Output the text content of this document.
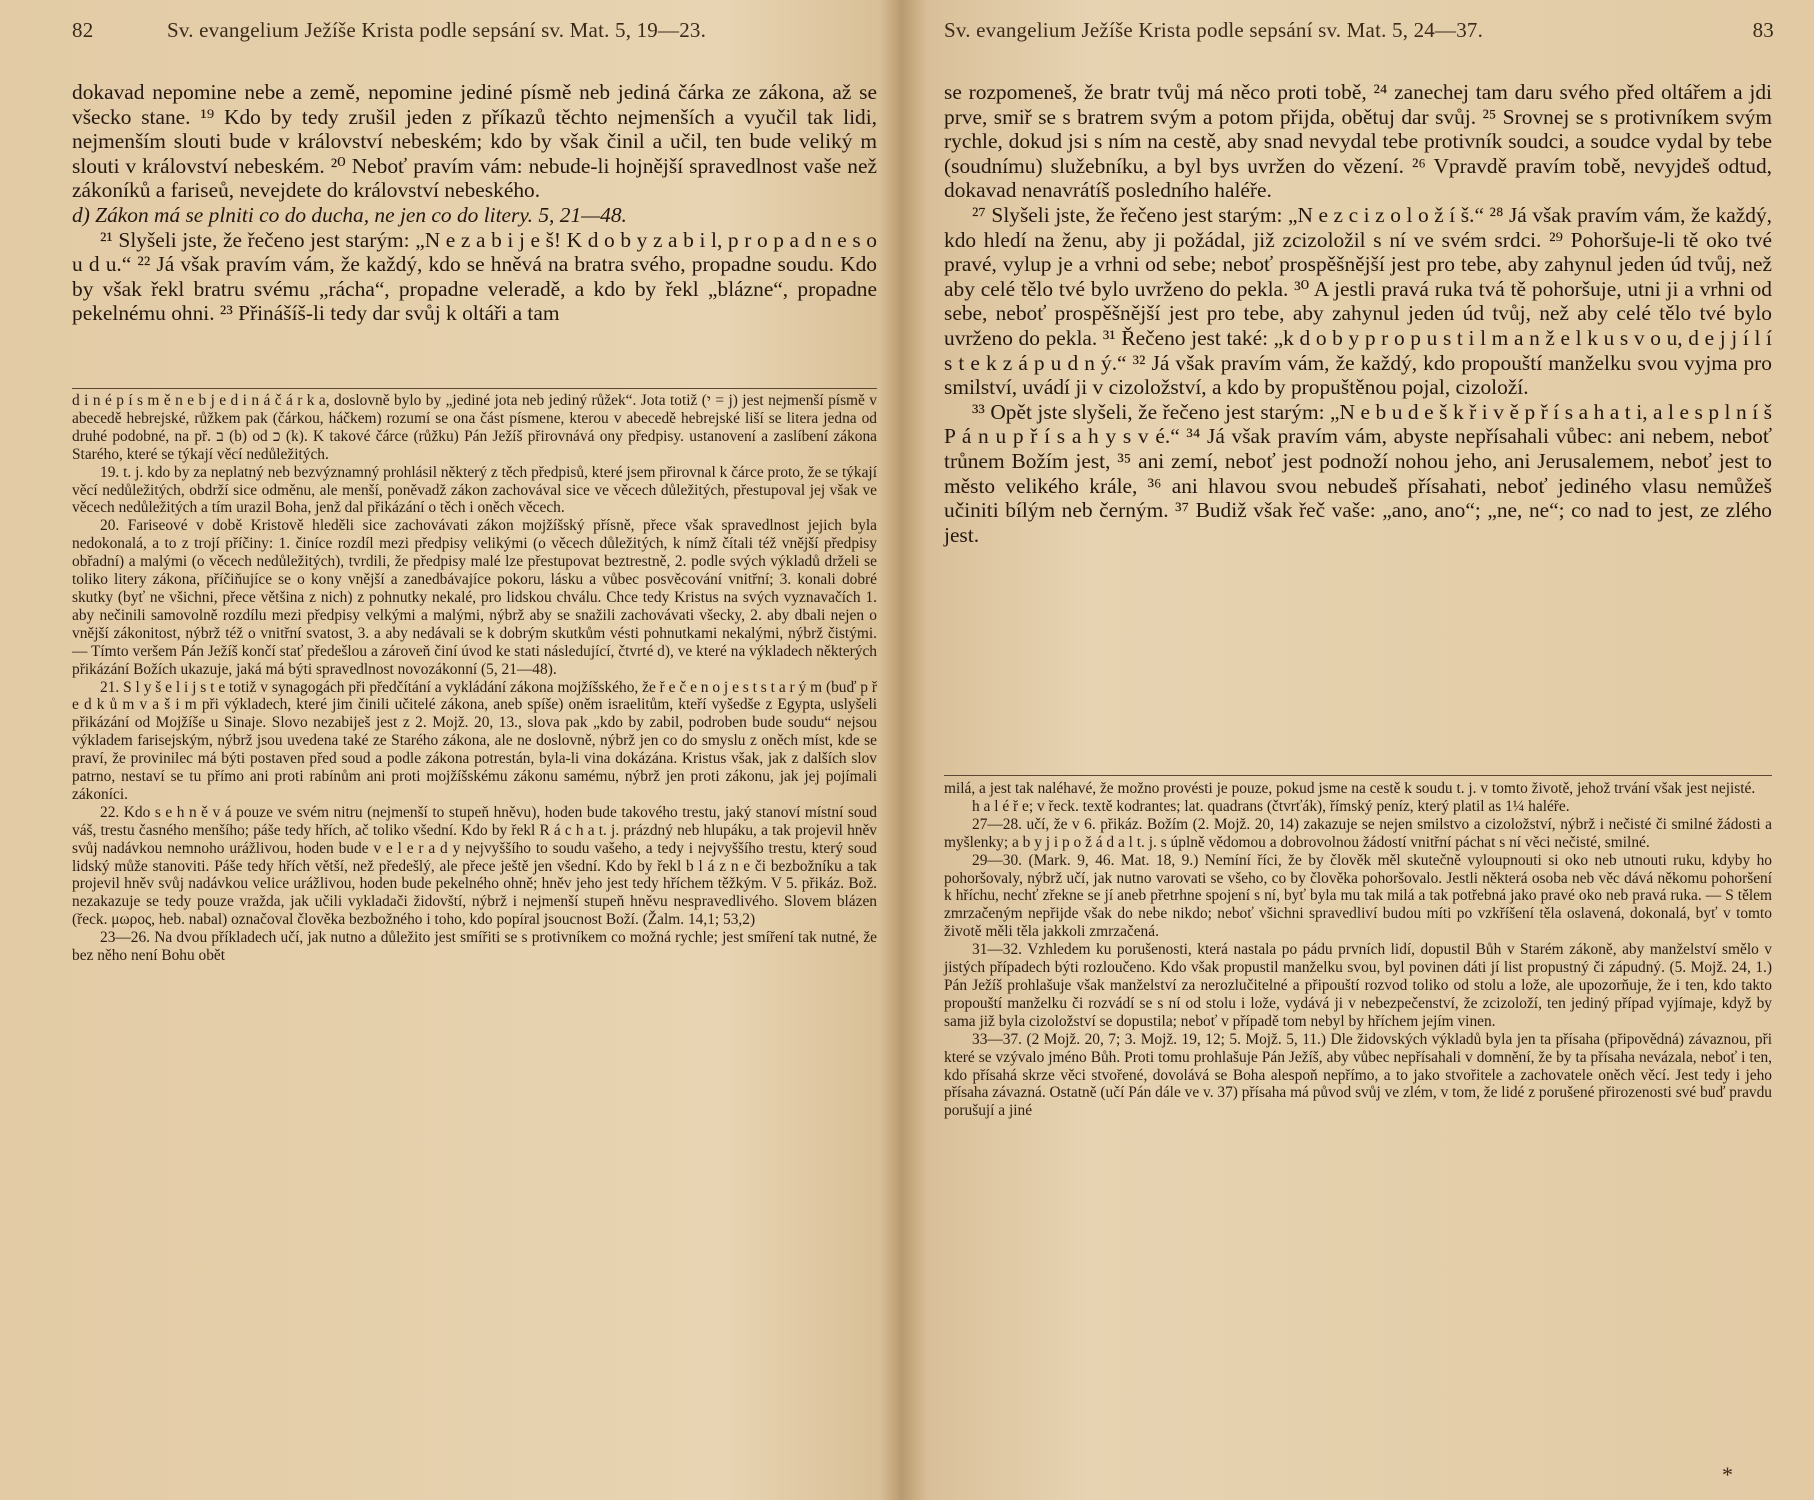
82	Sv. evangelium Ježíše Krista podle sepsání sv. Mat. 5, 19—23.

dokavad nepomine nebe a země, nepomine jediné písmě neb jediná čárka ze zákona, až se všecko stane. ¹⁹ Kdo by tedy zrušil jeden z příkazů těchto nejmenších a vyučil tak lidi, nejmenším slouti bude v království nebeském; kdo by však činil a učil, ten bude veliký m slouti v království nebeském. ²⁰ Neboť pravím vám: nebude-li hojnější spravedlnost vaše než zákoníků a fariseů, nevejdete do království nebeského.

d) Zákon má se plniti co do ducha, ne jen co do litery. 5, 21—48.

²¹ Slyšeli jste, že řečeno jest starým: „N e z a b i j e š! K d o b y z a b i l, p r o p a d n e s o u d u.“ ²² Já však pravím vám, že každý, kdo se hněvá na bratra svého, propadne soudu. Kdo by však řekl bratru svému „rácha“, propadne veleradě, a kdo by řekl „blázne“, propadne pekelnému ohni. ²³ Přinášíš-li tedy dar svůj k oltáři a tam

d i n é p í s m ě n e b j e d i n á č á r k a, doslovně bylo by „jediné jota neb jediný růžek“. Jota totiž (י = j) jest nejmenší písmě v abecedě hebrejské, růžkem pak (čárkou, háčkem) rozumí se ona část písmene, kterou v abecedě hebrejské liší se litera jedna od druhé podobné, na př. ב (b) od כ (k). K takové čárce (růžku) Pán Ježíš přirovnává ony předpisy. ustanovení a zaslíbení zákona Starého, které se týkají věcí nedůležitých.

19. t. j. kdo by za neplatný neb bezvýznamný prohlásil některý z těch předpisů, které jsem přirovnal k čárce proto, že se týkají věcí nedůležitých, obdrží sice odměnu, ale menší, poněvadž zákon zachovával sice ve věcech důležitých, přestupoval jej však ve věcech nedůležitých a tím urazil Boha, jenž dal přikázání o těch i oněch věcech.

20. Fariseové v době Kristově hleděli sice zachovávati zákon mojžíšský přísně, přece však spravedlnost jejich byla nedokonalá, a to z trojí příčiny: 1. činíce rozdíl mezi předpisy velikými (o věcech důležitých, k nímž čítali též vnější předpisy obřadní) a malými (o věcech nedůležitých), tvrdili, že předpisy malé lze přestupovat beztrestně, 2. podle svých výkladů drželi se toliko litery zákona, příčiňujíce se o kony vnější a zanedbávajíce pokoru, lásku a vůbec posvěcování vnitřní; 3. konali dobré skutky (byť ne všichni, přece většina z nich) z pohnutky nekalé, pro lidskou chválu. Chce tedy Kristus na svých vyznavačích 1. aby nečinili samovolně rozdílu mezi předpisy velkými a malými, nýbrž aby se snažili zachovávati všecky, 2. aby dbali nejen o vnější zákonitost, nýbrž též o vnitřní svatost, 3. a aby nedávali se k dobrým skutkům vésti pohnutkami nekalými, nýbrž čistými. — Tímto veršem Pán Ježíš končí stať předešlou a zároveň činí úvod ke stati následující, čtvrté d), ve které na výkladech některých přikázání Božích ukazuje, jaká má býti spravedlnost novozákonní (5, 21—48).

21. S l y š e l i j s t e totiž v synagogách při předčítání a vykládání zákona mojžíšského, že ř e č e n o j e s t s t a r ý m (buď p ř e d k ů m v a š i m při výkladech, které jim činili učitelé zákona, aneb spíše) oněm israelitům, kteří vyšedše z Egypta, uslyšeli přikázání od Mojžíše u Sinaje. Slovo nezabiješ jest z 2. Mojž. 20, 13., slova pak „kdo by zabil, podroben bude soudu“ nejsou výkladem farisejským, nýbrž jsou uvedena také ze Starého zákona, ale ne doslovně, nýbrž jen co do smyslu z oněch míst, kde se praví, že provinilec má býti postaven před soud a podle zákona potrestán, byla-li vina dokázána. Kristus však, jak z dalších slov patrno, nestaví se tu přímo ani proti rabínům ani proti mojžíšskému zákonu samému, nýbrž jen proti zákonu, jak jej pojímali zákoníci.

22. Kdo s e h n ě v á pouze ve svém nitru (nejmenší to stupeň hněvu), hoden bude takového trestu, jaký stanoví místní soud váš, trestu časného menšího; páše tedy hřích, ač toliko všední. Kdo by řekl R á c h a t. j. prázdný neb hlupáku, a tak projevil hněv svůj nadávkou nemnoho urážlivou, hoden bude v e l e r a d y nejvyššího to soudu vašeho, a tedy i nejvyššího trestu, který soud lidský může stanoviti. Páše tedy hřích větší, než předešlý, ale přece ještě jen všední. Kdo by řekl b l á z n e či bezbožníku a tak projevil hněv svůj nadávkou velice urážlivou, hoden bude pekelného ohně; hněv jeho jest tedy hříchem těžkým. V 5. přikáz. Bož. nezakazuje se tedy pouze vražda, jak učili vykladači židovští, nýbrž i nejmenší stupeň hněvu nespravedlivého. Slovem blázen (řeck. μωρος, heb. nabal) označoval člověka bezbožného i toho, kdo popíral jsoucnost Boží. (Žalm. 14,1; 53,2)

23—26. Na dvou příkladech učí, jak nutno a důležito jest smířiti se s protivníkem co možná rychle; jest smíření tak nutné, že bez něho není Bohu obět

Sv. evangelium Ježíše Krista podle sepsání sv. Mat. 5, 24—37.	83

se rozpomeneš, že bratr tvůj má něco proti tobě, ²⁴ zanechej tam daru svého před oltářem a jdi prve, smiř se s bratrem svým a potom přijda, obětuj dar svůj. ²⁵ Srovnej se s protivníkem svým rychle, dokud jsi s ním na cestě, aby snad nevydal tebe protivník soudci, a soudce vydal by tebe (soudnímu) služebníku, a byl bys uvržen do vězení. ²⁶ Vpravdě pravím tobě, nevyjdeš odtud, dokavad nenavrátíš posledního haléře.

²⁷ Slyšeli jste, že řečeno jest starým: „N e z c i z o l o ž í š.“ ²⁸ Já však pravím vám, že každý, kdo hledí na ženu, aby ji požádal, již zcizoložil s ní ve svém srdci. ²⁹ Pohoršuje-li tě oko tvé pravé, vylup je a vrhni od sebe; neboť prospěšnější jest pro tebe, aby zahynul jeden úd tvůj, než aby celé tělo tvé bylo uvrženo do pekla. ³⁰ A jestli pravá ruka tvá tě pohoršuje, utni ji a vrhni od sebe, neboť prospěšnější jest pro tebe, aby zahynul jeden úd tvůj, než aby celé tělo tvé bylo uvrženo do pekla. ³¹ Řečeno jest také: „k d o b y p r o p u s t i l m a n ž e l k u s v o u, d e j j í l í s t e k z á p u d n ý.“ ³² Já však pravím vám, že každý, kdo propouští manželku svou vyjma pro smilství, uvádí ji v cizoložství, a kdo by propuštěnou pojal, cizoloží.

³³ Opět jste slyšeli, že řečeno jest starým: „N e b u d e š k ř i v ě p ř í s a h a t i, a l e s p l n í š P á n u p ř í s a h y s v é.“ ³⁴ Já však pravím vám, abyste nepřísahali vůbec: ani nebem, neboť trůnem Božím jest, ³⁵ ani zemí, neboť jest podnoží nohou jeho, ani Jerusalemem, neboť jest to město velikého krále, ³⁶ ani hlavou svou nebudeš přísahati, neboť jediného vlasu nemůžeš učiniti bílým neb černým. ³⁷ Budiž však řeč vaše: „ano, ano“; „ne, ne“; co nad to jest, ze zlého jest.

milá, a jest tak naléhavé, že možno provésti je pouze, pokud jsme na cestě k soudu t. j. v tomto životě, jehož trvání však jest nejisté.

h a l é ř e; v řeck. textě kodrantes; lat. quadrans (čtvrťák), římský peníz, který platil as 1¼ haléře.

27—28. učí, že v 6. přikáz. Božím (2. Mojž. 20, 14) zakazuje se nejen smilstvo a cizoložství, nýbrž i nečisté či smilné žádosti a myšlenky; a b y j i p o ž á d a l t. j. s úplně vědomou a dobrovolnou žádostí vnitřní páchat s ní věci nečisté, smilné.

29—30. (Mark. 9, 46. Mat. 18, 9.) Nemíní říci, že by člověk měl skutečně vyloupnouti si oko neb utnouti ruku, kdyby ho pohoršovaly, nýbrž učí, jak nutno varovati se všeho, co by člověka pohoršovalo. Jestli některá osoba neb věc dává někomu pohoršení k hříchu, nechť zřekne se jí aneb přetrhne spojení s ní, byť byla mu tak milá a tak potřebná jako pravé oko neb pravá ruka. — S tělem zmrzačeným nepřijde však do nebe nikdo; neboť všichni spravedliví budou míti po vzkříšení těla oslavená, dokonalá, byť v tomto životě měli těla jakkoli zmrzačená.

31—32. Vzhledem ku porušenosti, která nastala po pádu prvních lidí, dopustil Bůh v Starém zákoně, aby manželství smělo v jistých případech býti rozloučeno. Kdo však propustil manželku svou, byl povinen dáti jí list propustný či zápudný. (5. Mojž. 24, 1.) Pán Ježíš prohlašuje však manželství za nerozlučitelné a připouští rozvod toliko od stolu a lože, ale upozorňuje, že i ten, kdo takto propouští manželku či rozvádí se s ní od stolu i lože, vydává ji v nebezpečenství, že zcizoloží, ten jediný případ vyjímaje, když by sama již byla cizoložství se dopustila; neboť v případě tom nebyl by hříchem jejím vinen.

33—37. (2 Mojž. 20, 7; 3. Mojž. 19, 12; 5. Mojž. 5, 11.) Dle židovských výkladů byla jen ta přísaha (připovědná) závaznou, při které se vzývalo jméno Bůh. Proti tomu prohlašuje Pán Ježíš, aby vůbec nepřísahali v domnění, že by ta přísaha nevázala, neboť i ten, kdo přísahá skrze věci stvořené, dovolává se Boha alespoň nepřímo, a to jako stvořitele a zachovatele oněch věcí. Jest tedy i jeho přísaha závazná. Ostatně (učí Pán dále ve v. 37) přísaha má původ svůj ve zlém, v tom, že lidé z porušené přirozenosti své buď pravdu porušují a jiné

*
